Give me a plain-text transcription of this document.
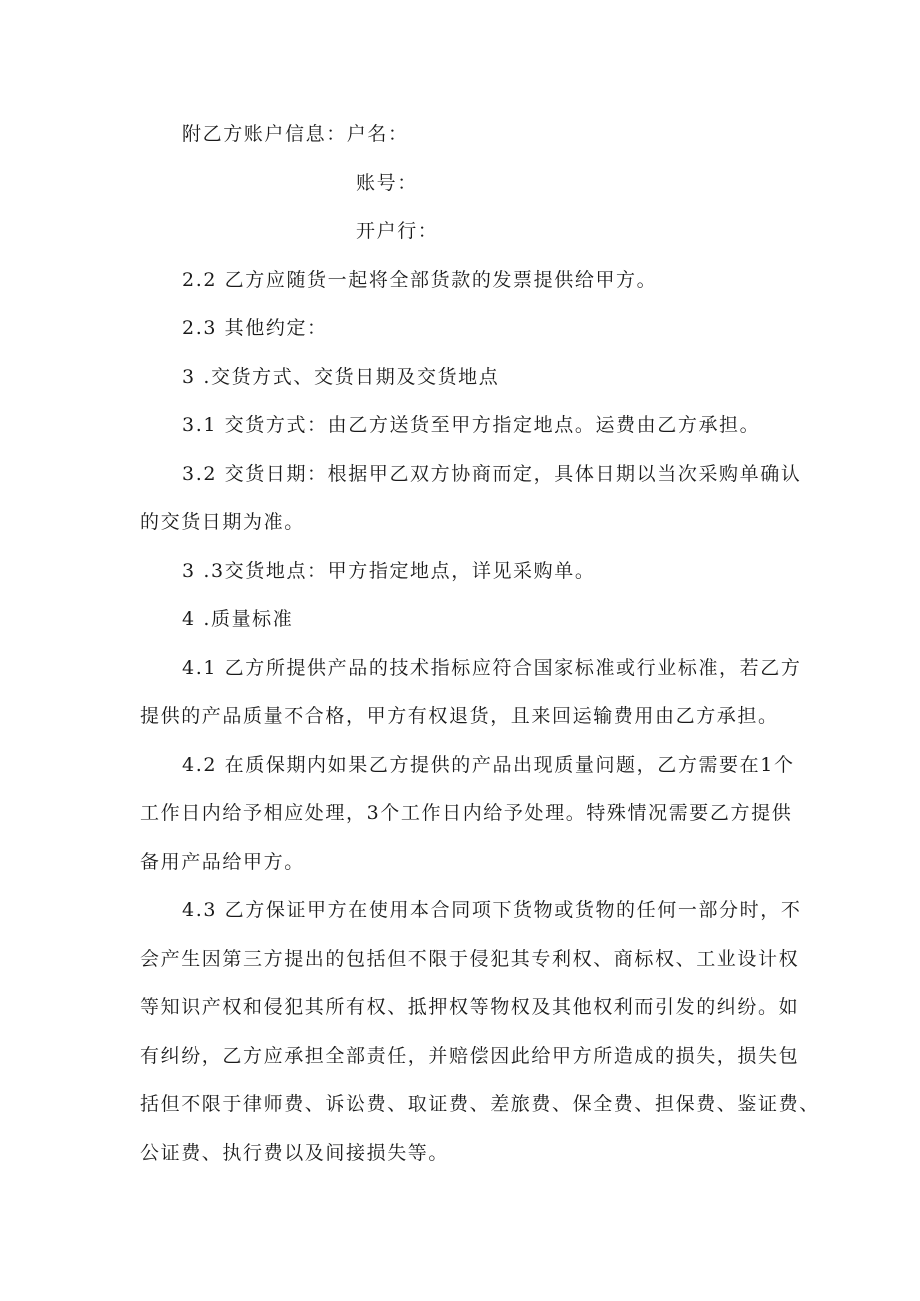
附乙方账户信息：户名：
账号：
开户行：
2.2 乙方应随货一起将全部货款的发票提供给甲方。
2.3 其他约定：
3 .交货方式、交货日期及交货地点
3.1 交货方式：由乙方送货至甲方指定地点。运费由乙方承担。
3.2 交货日期：根据甲乙双方协商而定，具体日期以当次采购单确认
的交货日期为准。
3 .3交货地点：甲方指定地点，详见采购单。
4 .质量标准
4.1 乙方所提供产品的技术指标应符合国家标准或行业标准，若乙方
提供的产品质量不合格，甲方有权退货，且来回运输费用由乙方承担。
4.2 在质保期内如果乙方提供的产品出现质量问题，乙方需要在1个
工作日内给予相应处理，3个工作日内给予处理。特殊情况需要乙方提供
备用产品给甲方。
4.3 乙方保证甲方在使用本合同项下货物或货物的任何一部分时，不
会产生因第三方提出的包括但不限于侵犯其专利权、商标权、工业设计权
等知识产权和侵犯其所有权、抵押权等物权及其他权利而引发的纠纷。如
有纠纷，乙方应承担全部责任，并赔偿因此给甲方所造成的损失，损失包
括但不限于律师费、诉讼费、取证费、差旅费、保全费、担保费、鉴证费、
公证费、执行费以及间接损失等。
